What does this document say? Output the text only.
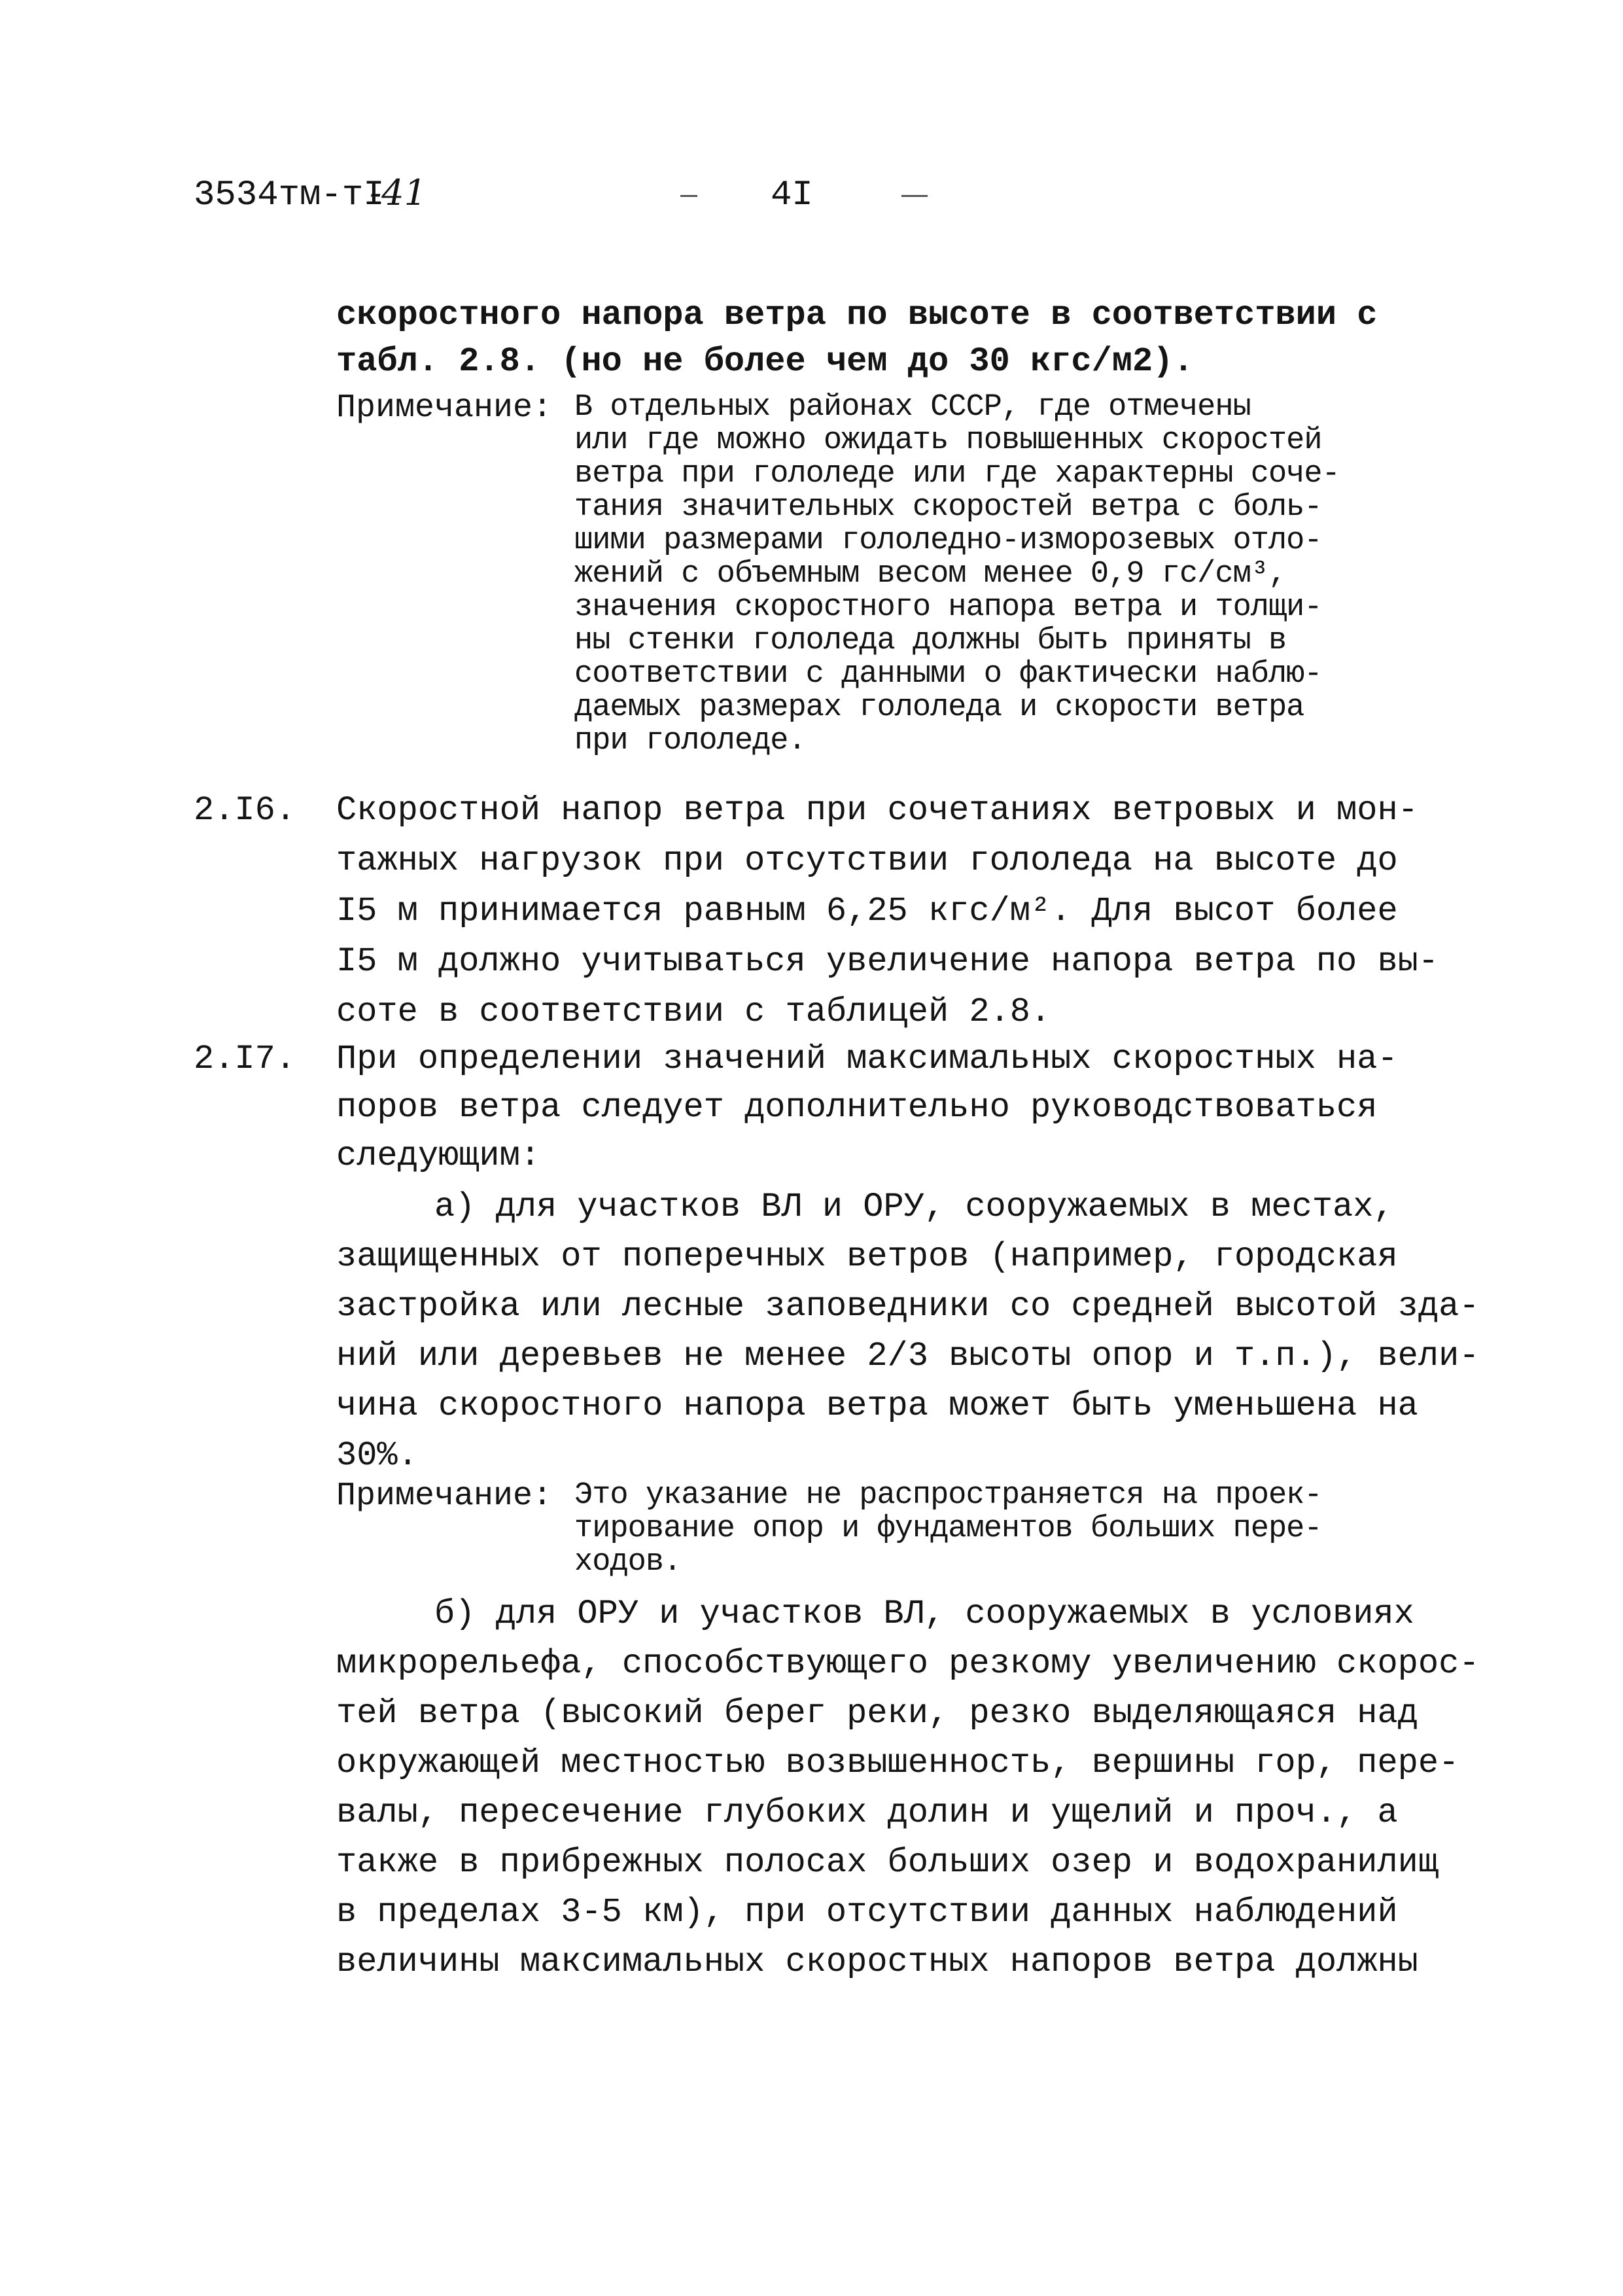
3534тм-тI
-41	4I
скоростного напора ветра по высоте в соответствии с
табл. 2.8. (но не более чем до 30 кгс/м2).
Примечание: В отдельных районах СССР, где отмечены
или где можно ожидать повышенных скоростей
ветра при гололеде или где характерны соче-
тания значительных скоростей ветра с боль-
шими размерами гололедно-изморозевых отло-
жений с объемным весом менее 0,9 гс/см³,
значения скоростного напора ветра и толщи-
ны стенки гололеда должны быть приняты в
соответствии с данными о фактически наблю-
даемых размерах гололеда и скорости ветра
при гололеде.
2.I6. Скоростной напор ветра при сочетаниях ветровых и мон-
тажных нагрузок при отсутствии гололеда на высоте до
I5 м принимается равным 6,25 кгс/м². Для высот более
I5 м должно учитываться увеличение напора ветра по вы-
соте в соответствии с таблицей 2.8.
2.I7. При определении значений максимальных скоростных на-
поров ветра следует дополнительно руководствоваться
следующим:
а) для участков ВЛ и ОРУ, сооружаемых в местах,
защищенных от поперечных ветров (например, городская
застройка или лесные заповедники со средней высотой зда-
ний или деревьев не менее 2/3 высоты опор и т.п.), вели-
чина скоростного напора ветра может быть уменьшена на
30%.
Примечание: Это указание не распространяется на проек-
тирование опор и фундаментов больших пере-
ходов.
б) для ОРУ и участков ВЛ, сооружаемых в условиях
микрорельефа, способствующего резкому увеличению скорос-
тей ветра (высокий берег реки, резко выделяющаяся над
окружающей местностью возвышенность, вершины гор, пере-
валы, пересечение глубоких долин и ущелий и проч., а
также в прибрежных полосах больших озер и водохранилищ
в пределах 3-5 км), при отсутствии данных наблюдений
величины максимальных скоростных напоров ветра должны
